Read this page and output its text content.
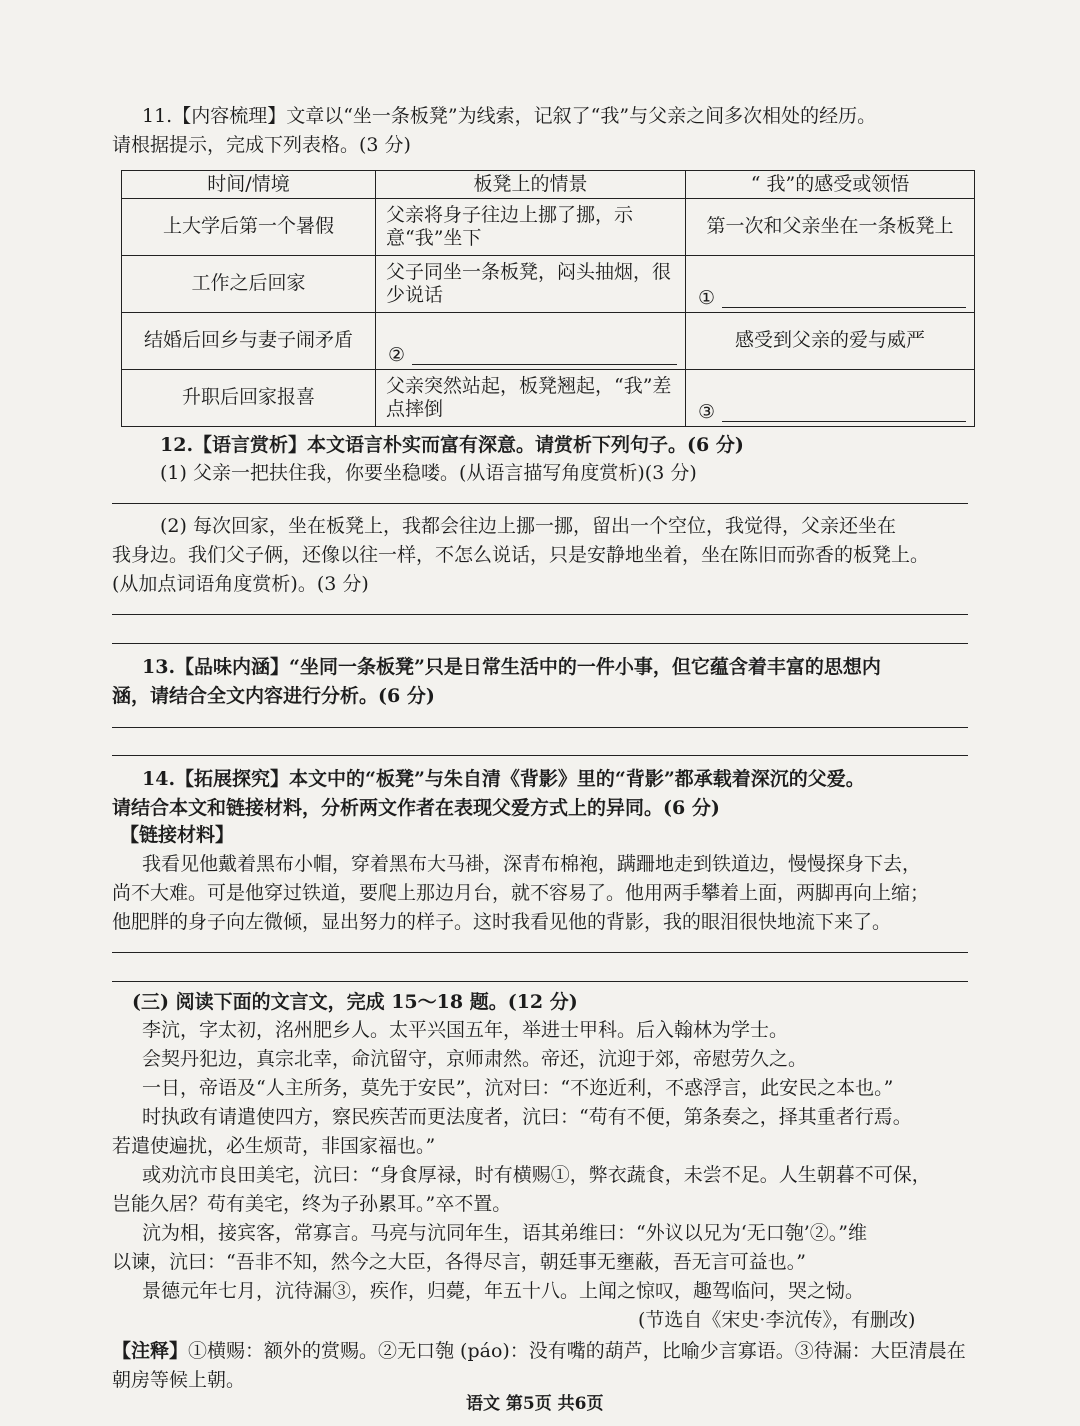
11.【内容梳理】文章以“坐一条板凳”为线索，记叙了“我”与父亲之间多次相处的经历。
请根据提示，完成下列表格。(3 分)
时间/情境	板凳上的情景	“ 我”的感受或领悟
上大学后第一个暑假	父亲将身子往边上挪了挪，示意“我”坐下	第一次和父亲坐在一条板凳上
工作之后回家	父子同坐一条板凳，闷头抽烟，很少说话	①

结婚后回乡与妻子闹矛盾	②	感受到父亲的爱与威严
升职后回家报喜	父亲突然站起，板凳翘起，“我”差点摔倒	③
12.【语言赏析】本文语言朴实而富有深意。请赏析下列句子。(6 分)
(1) 父亲一把扶住我，你要坐稳喽。(从语言描写角度赏析)(3 分)
(2) 每次回家，坐在板凳上，我都会往边上挪一挪，留出一个空位，我觉得，父亲还坐在
我身边。我们父子俩，还像以往一样，不怎么说话，只是安静地坐着，坐在陈旧而弥香的板凳上。
(从加点词语角度赏析)。(3 分)
13.【品味内涵】“坐同一条板凳”只是日常生活中的一件小事，但它蕴含着丰富的思想内
涵，请结合全文内容进行分析。(6 分)
14.【拓展探究】本文中的“板凳”与朱自清《背影》里的“背影”都承载着深沉的父爱。
请结合本文和链接材料，分析两文作者在表现父爱方式上的异同。(6 分)
【链接材料】
我看见他戴着黑布小帽，穿着黑布大马褂，深青布棉袍，蹒跚地走到铁道边，慢慢探身下去，
尚不大难。可是他穿过铁道，要爬上那边月台，就不容易了。他用两手攀着上面，两脚再向上缩；
他肥胖的身子向左微倾，显出努力的样子。这时我看见他的背影，我的眼泪很快地流下来了。
(三) 阅读下面的文言文，完成 15～18 题。(12 分)
李沆，字太初，洺州肥乡人。太平兴国五年，举进士甲科。后入翰林为学士。
会契丹犯边，真宗北幸，命沆留守，京师肃然。帝还，沆迎于郊，帝慰劳久之。
一日，帝语及“人主所务，莫先于安民”，沆对曰：“不迩近利，不惑浮言，此安民之本也。”
时执政有请遣使四方，察民疾苦而更法度者，沆曰：“苟有不便，第条奏之，择其重者行焉。
若遣使遍扰，必生烦苛，非国家福也。”
或劝沆市良田美宅，沆曰：“身食厚禄，时有横赐①，弊衣蔬食，未尝不足。人生朝暮不可保，
岂能久居？苟有美宅，终为子孙累耳。”卒不置。
沆为相，接宾客，常寡言。马亮与沆同年生，语其弟维曰：“外议以兄为‘无口匏’②。”维
以谏，沆曰：“吾非不知，然今之大臣，各得尽言，朝廷事无壅蔽，吾无言可益也。”
景德元年七月，沆待漏③，疾作，归薨，年五十八。上闻之惊叹，趣驾临问，哭之恸。
(节选自《宋史·李沆传》，有删改)
【注释】①横赐：额外的赏赐。②无口匏 (páo)：没有嘴的葫芦，比喻少言寡语。③待漏：大臣清晨在朝房等候上朝。
语文 第5页 共6页
